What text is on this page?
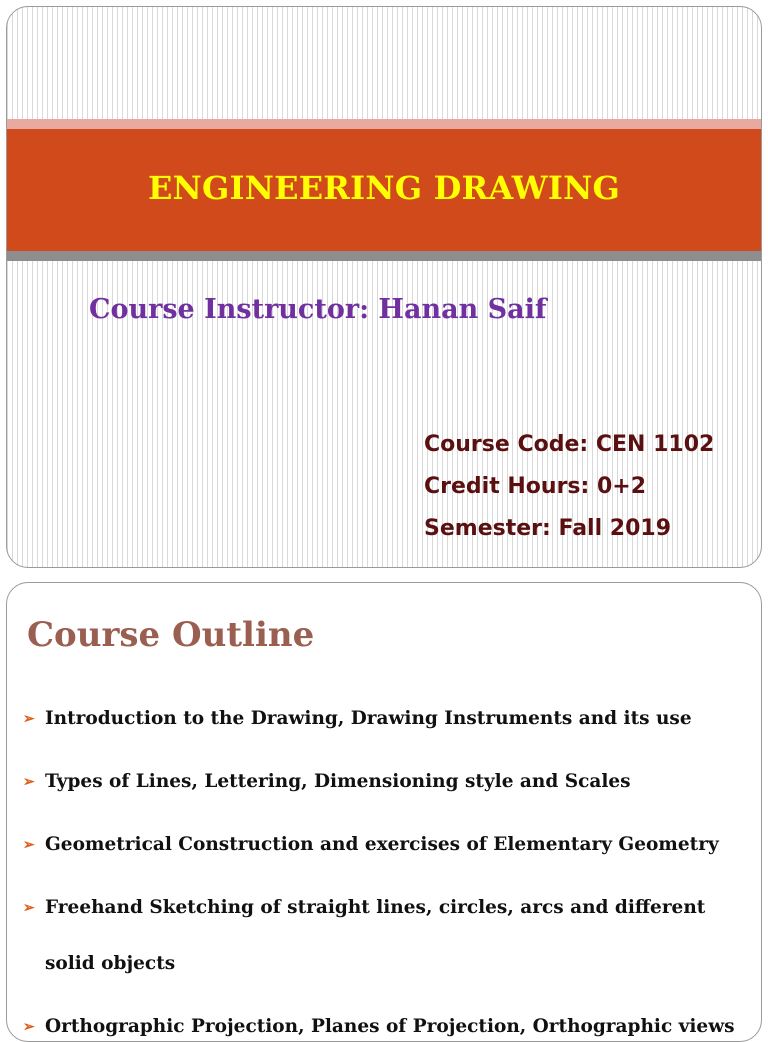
ENGINEERING DRAWING
Course Instructor: Hanan Saif
Course Code: CEN 1102
Credit Hours: 0+2
Semester: Fall 2019
Course Outline
➢ Introduction to the Drawing, Drawing Instruments and its use
➢ Types of Lines, Lettering, Dimensioning style and Scales
➢ Geometrical Construction and exercises of Elementary Geometry
➢ Freehand Sketching of straight lines, circles, arcs and different
solid objects
➢ Orthographic Projection, Planes of Projection, Orthographic views
